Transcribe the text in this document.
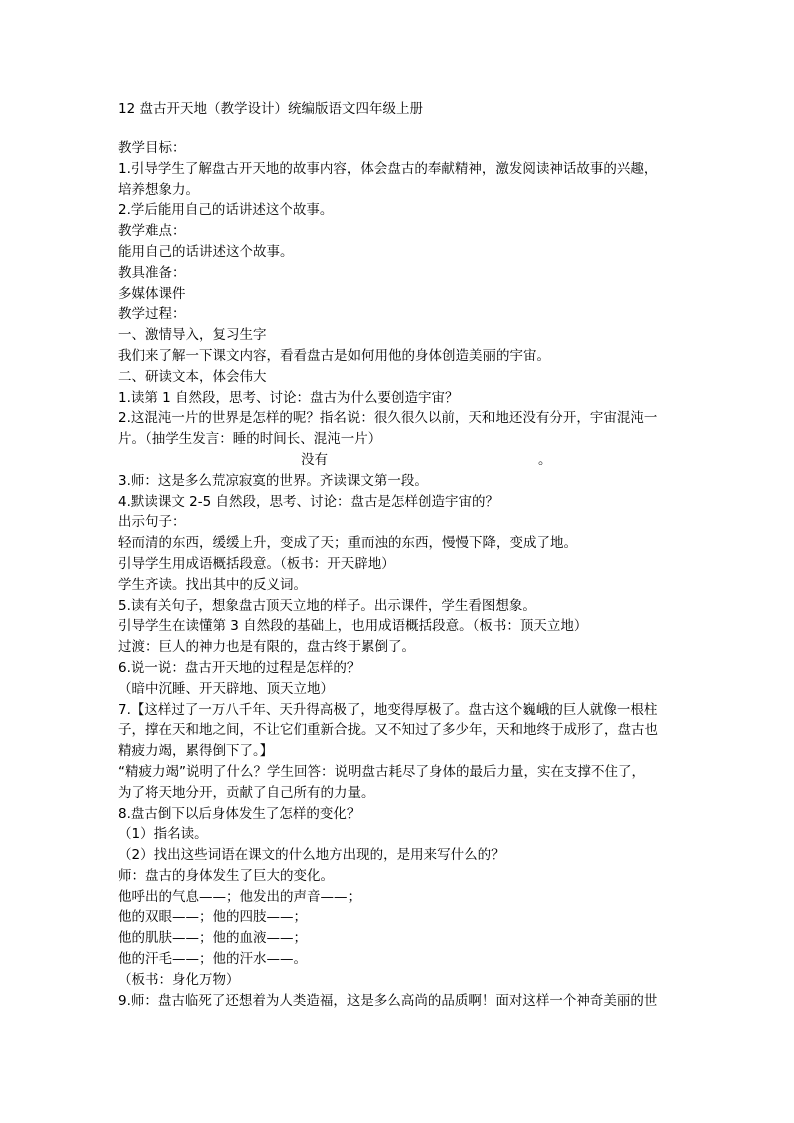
12 盘古开天地（教学设计）统编版语文四年级上册
教学目标：
1.引导学生了解盘古开天地的故事内容，体会盘古的奉献精神，激发阅读神话故事的兴趣，
培养想象力。
2.学后能用自己的话讲述这个故事。
教学难点：
能用自己的话讲述这个故事。
教具准备：
多媒体课件
教学过程：
一、激情导入，复习生字
我们来了解一下课文内容，看看盘古是如何用他的身体创造美丽的宇宙。
二、研读文本，体会伟大
1.读第 1 自然段，思考、讨论：盘古为什么要创造宇宙？
2.这混沌一片的世界是怎样的呢？指名说：很久很久以前，天和地还没有分开，宇宙混沌一
片。（抽学生发言：睡的时间长、混沌一片）
没有	。
3.师：这是多么荒凉寂寞的世界。齐读课文第一段。
4.默读课文 2-5 自然段，思考、讨论：盘古是怎样创造宇宙的？
出示句子：
轻而清的东西，缓缓上升，变成了天；重而浊的东西，慢慢下降，变成了地。
引导学生用成语概括段意。（板书：开天辟地）
学生齐读。找出其中的反义词。
5.读有关句子，想象盘古顶天立地的样子。出示课件，学生看图想象。
引导学生在读懂第 3 自然段的基础上，也用成语概括段意。（板书：顶天立地）
过渡：巨人的神力也是有限的，盘古终于累倒了。
6.说一说：盘古开天地的过程是怎样的？
（暗中沉睡、开天辟地、顶天立地）
7.【这样过了一万八千年、天升得高极了，地变得厚极了。盘古这个巍峨的巨人就像一根柱
子，撑在天和地之间，不让它们重新合拢。又不知过了多少年，天和地终于成形了，盘古也
精疲力竭，累得倒下了。】
“精疲力竭”说明了什么？学生回答：说明盘古耗尽了身体的最后力量，实在支撑不住了，
为了将天地分开，贡献了自己所有的力量。
8.盘古倒下以后身体发生了怎样的变化？
（1）指名读。
（2）找出这些词语在课文的什么地方出现的，是用来写什么的？
师：盘古的身体发生了巨大的变化。
他呼出的气息——；他发出的声音——；
他的双眼——；他的四肢——；
他的肌肤——；他的血液——；
他的汗毛——；他的汗水——。
（板书：身化万物）
9.师：盘古临死了还想着为人类造福，这是多么高尚的品质啊！面对这样一个神奇美丽的世
